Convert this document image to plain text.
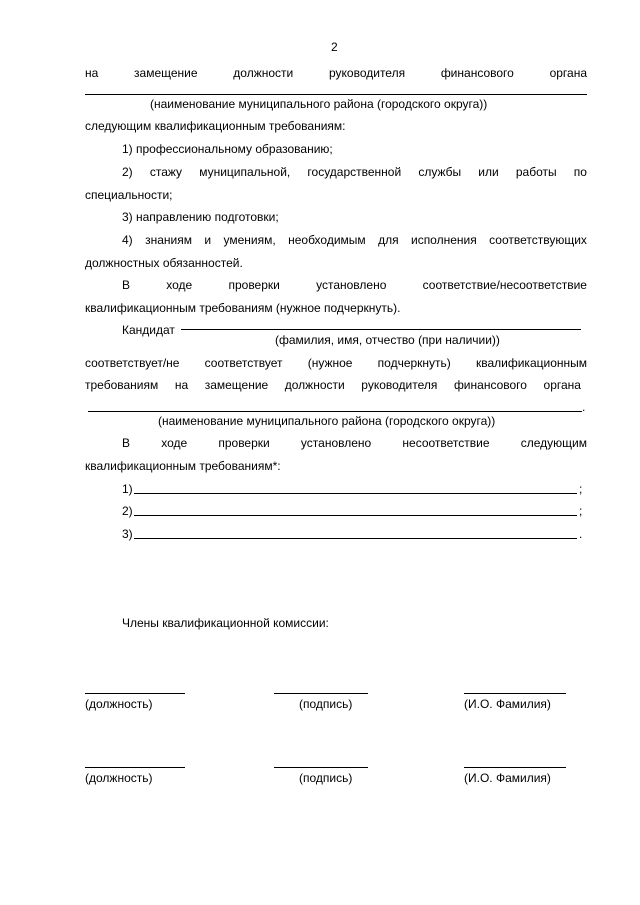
2
на	замещение	должности	руководителя	финансового	органа
(наименование муниципального района (городского округа))
следующим квалификационным требованиям:
1) профессиональному образованию;
2) стажу муниципальной, государственной службы или работы по
специальности;
3) направлению подготовки;
4) знаниям и умениям, необходимым для исполнения соответствующих
должностных обязанностей.
В	ходе	проверки	установлено	соответствие/несоответствие
квалификационным требованиям (нужное подчеркнуть).
Кандидат
(фамилия, имя, отчество (при наличии))
соответствует/не соответствует (нужное подчеркнуть) квалификационным
требованиям на замещение должности руководителя финансового органа
.
(наименование муниципального района (городского округа))
В	ходе	проверки	установлено	несоответствие	следующим
квалификационным требованиям*:
1)	;
2)	;
3)	.
Члены квалификационной комиссии:
(должность)	(подпись)	(И.О. Фамилия)
(должность)	(подпись)	(И.О. Фамилия)
